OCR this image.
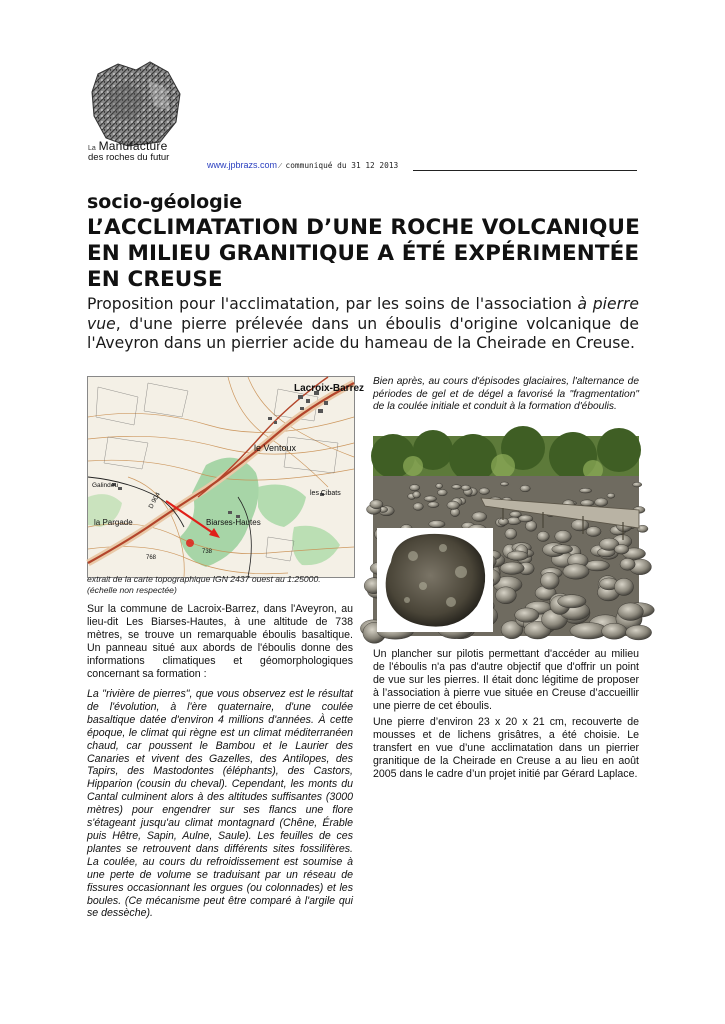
La Manufacture
des roches du futur
www.jpbrazs.com ⁄ communiqué du 31 12 2013
socio-géologie
L’ACCLIMATATION D’UNE ROCHE VOLCANIQUE EN MILIEU GRANITIQUE A ÉTÉ EXPÉRIMENTÉE EN CREUSE
Proposition pour l'acclimatation, par les soins de l'association à pierre vue, d'une pierre prélevée dans un éboulis d'origine volcanique de l'Aveyron dans un pierrier acide du hameau de la Cheirade en Creuse.
Lacroix-Barrez
le Ventoux
Galindeu
la Pargade	Biarses-Hautes
les Cibats
738
768
D 904
extrait de la carte topographique IGN 2437 ouest au 1:25000. (échelle non respectée)

Sur la commune de Lacroix-Barrez, dans l'Aveyron, au lieu-dit Les Biarses-Hautes, à une altitude de 738 mètres, se trouve un remarquable éboulis basaltique. Un panneau situé aux abords de l'éboulis donne des informations climatiques et géomorphologiques concernant sa formation :

La "rivière de pierres", que vous observez est le résultat de l'évolution, à l'ère quaternaire, d'une coulée basaltique datée d'environ 4 millions d'années. À cette époque, le climat qui règne est un climat méditerranéen chaud, car poussent le Bambou et le Laurier des Canaries et vivent des Gazelles, des Antilopes, des Tapirs, des Mastodontes (éléphants), des Castors, Hipparion (cousin du cheval). Cependant, les monts du Cantal culminent alors à des altitudes suffisantes (3000 mètres) pour engendrer sur ses flancs une flore s'étageant jusqu'au climat montagnard (Chêne, Érable puis Hêtre, Sapin, Aulne, Saule). Les feuilles de ces plantes se retrouvent dans différents sites fossilifères. La coulée, au cours du refroidissement est soumise à une perte de volume se traduisant par un réseau de fissures occasionnant les orgues (ou colonnades) et les boules. (Ce mécanisme peut être comparé à l'argile qui se dessèche).

Bien après, au cours d'épisodes glaciaires, l'alternance de périodes de gel et de dégel a favorisé la "fragmentation" de la coulée initiale et conduit à la formation d'éboulis.

Un plancher sur pilotis permettant d'accéder au milieu de l'éboulis n'a pas d'autre objectif que d'offrir un point de vue sur les pierres. Il était donc légitime de proposer à l’association à pierre vue située en Creuse d’accueillir une pierre de cet éboulis.

Une pierre d’environ 23 x 20 x 21 cm, recouverte de mousses et de lichens grisâtres, a été choisie. Le transfert en vue d’une acclimatation dans un pierrier granitique de la Cheirade en Creuse a au lieu en août 2005 dans le cadre d’un projet initié par Gérard Laplace.
